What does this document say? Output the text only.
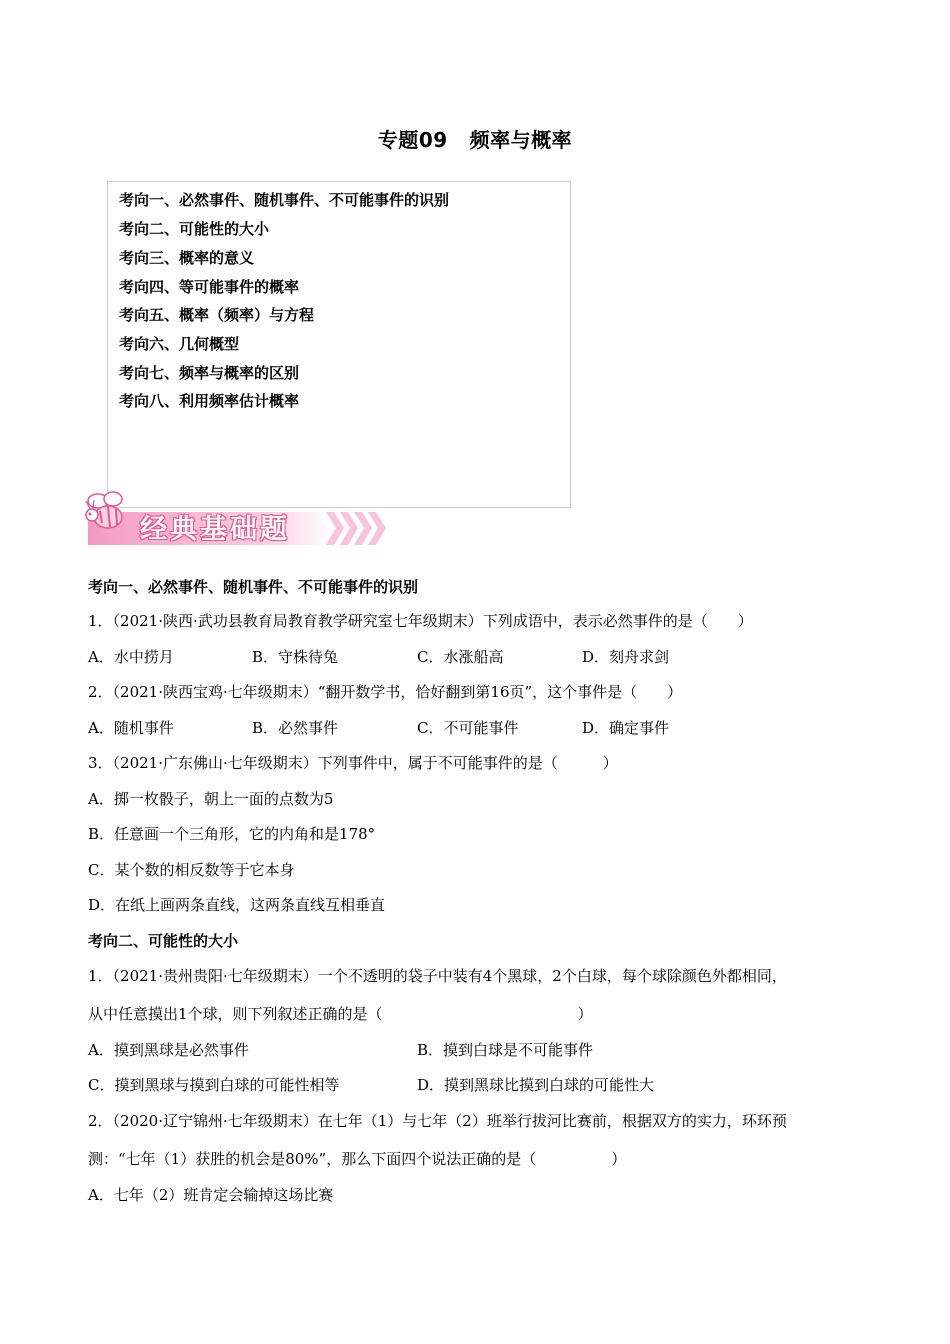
专题09 频率与概率
考向一、必然事件、随机事件、不可能事件的识别
考向二、可能性的大小
考向三、概率的意义
考向四、等可能事件的概率
考向五、概率（频率）与方程
考向六、几何概型
考向七、频率与概率的区别
考向八、利用频率估计概率
经典基础题
考向一、必然事件、随机事件、不可能事件的识别
1．（2021·陕西·武功县教育局教育教学研究室七年级期末）下列成语中，表示必然事件的是（　　）
A．水中捞月	B．守株待兔	C．水涨船高	D．刻舟求剑
2．（2021·陕西宝鸡·七年级期末）“翻开数学书，恰好翻到第16页”，这个事件是（　　）
A．随机事件	B．必然事件	C．不可能事件	D．确定事件
3．（2021·广东佛山·七年级期末）下列事件中，属于不可能事件的是（　　　）
A．掷一枚骰子，朝上一面的点数为5
B．任意画一个三角形，它的内角和是178°
C．某个数的相反数等于它本身
D．在纸上画两条直线，这两条直线互相垂直
考向二、可能性的大小
1．（2021·贵州贵阳·七年级期末）一个不透明的袋子中装有4个黑球，2个白球，每个球除颜色外都相同，
从中任意摸出1个球，则下列叙述正确的是（　　　　　　　　　　　　　）
A．摸到黑球是必然事件	B．摸到白球是不可能事件
C．摸到黑球与摸到白球的可能性相等	D．摸到黑球比摸到白球的可能性大
2．（2020·辽宁锦州·七年级期末）在七年（1）与七年（2）班举行拔河比赛前，根据双方的实力，环环预
测：“七年（1）获胜的机会是80%”，那么下面四个说法正确的是（　　　　　）
A．七年（2）班肯定会输掉这场比赛
